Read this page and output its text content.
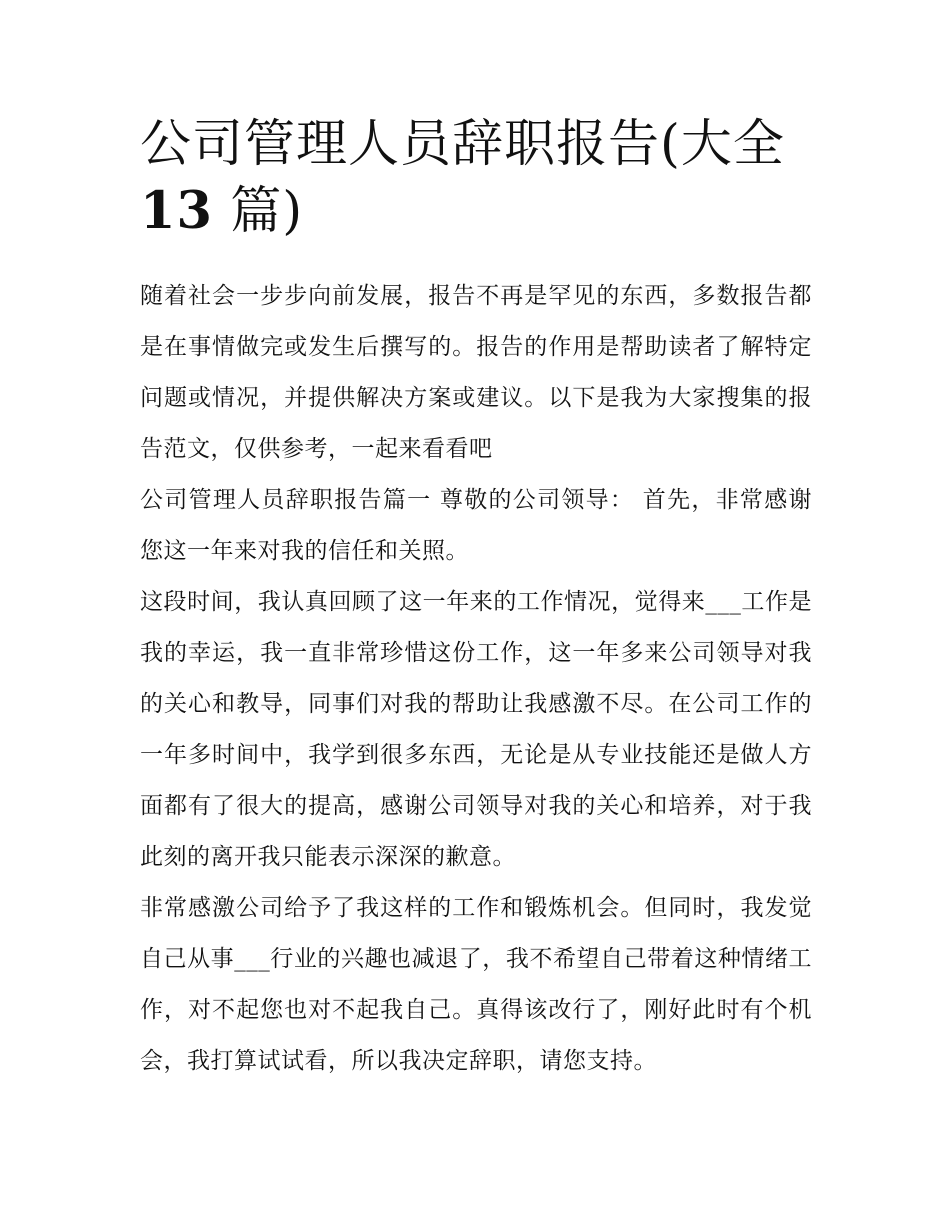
公司管理人员辞职报告(大全
13 篇)

随着社会一步步向前发展，报告不再是罕见的东西，多数报告都是在事情做完或发生后撰写的。报告的作用是帮助读者了解特定问题或情况，并提供解决方案或建议。以下是我为大家搜集的报告范文，仅供参考，一起来看看吧

公司管理人员辞职报告篇一 尊敬的公司领导： 首先，非常感谢您这一年来对我的信任和关照。

这段时间，我认真回顾了这一年来的工作情况，觉得来___工作是我的幸运，我一直非常珍惜这份工作，这一年多来公司领导对我的关心和教导，同事们对我的帮助让我感激不尽。在公司工作的一年多时间中，我学到很多东西，无论是从专业技能还是做人方面都有了很大的提高，感谢公司领导对我的关心和培养，对于我此刻的离开我只能表示深深的歉意。

非常感激公司给予了我这样的工作和锻炼机会。但同时，我发觉自己从事___行业的兴趣也减退了，我不希望自己带着这种情绪工作，对不起您也对不起我自己。真得该改行了，刚好此时有个机会，我打算试试看，所以我决定辞职，请您支持。
